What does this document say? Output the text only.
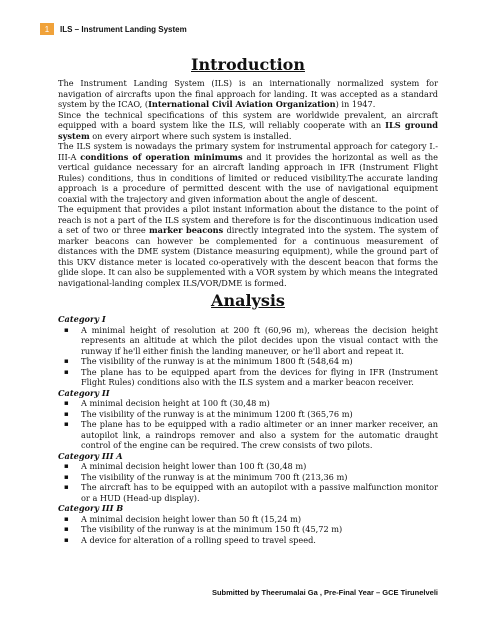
1	ILS – Instrument Landing System
Introduction

The Instrument Landing System (ILS) is an internationally normalized system for navigation of aircrafts upon the final approach for landing. It was accepted as a standard system by the ICAO, (International Civil Aviation Organization) in 1947.

Since the technical specifications of this system are worldwide prevalent, an aircraft equipped with a board system like the ILS, will reliably cooperate with an ILS ground system on every airport where such system is installed.

The ILS system is nowadays the primary system for instrumental approach for category I.-III-A conditions of operation minimums and it provides the horizontal as well as the vertical guidance necessary for an aircraft landing approach in IFR (Instrument Flight Rules) conditions, thus in conditions of limited or reduced visibility.The accurate landing approach is a procedure of permitted descent with the use of navigational equipment coaxial with the trajectory and given information about the angle of descent.

The equipment that provides a pilot instant information about the distance to the point of reach is not a part of the ILS system and therefore is for the discontinuous indication used a set of two or three marker beacons directly integrated into the system. The system of marker beacons can however be complemented for a continuous measurement of distances with the DME system (Distance measuring equipment), while the ground part of this UKV distance meter is located co-operatively with the descent beacon that forms the glide slope. It can also be supplemented with a VOR system by which means the integrated navigational-landing complex ILS/VOR/DME is formed.

Analysis
Category I
▪ A minimal height of resolution at 200 ft (60,96 m), whereas the decision height represents an altitude at which the pilot decides upon the visual contact with the runway if he'll either finish the landing maneuver, or he'll abort and repeat it.
▪ The visibility of the runway is at the minimum 1800 ft (548,64 m)
▪ The plane has to be equipped apart from the devices for flying in IFR (Instrument Flight Rules) conditions also with the ILS system and a marker beacon receiver.
Category II
▪ A minimal decision height at 100 ft (30,48 m)
▪ The visibility of the runway is at the minimum 1200 ft (365,76 m)
▪ The plane has to be equipped with a radio altimeter or an inner marker receiver, an autopilot link, a raindrops remover and also a system for the automatic draught control of the engine can be required. The crew consists of two pilots.
Category III A
▪ A minimal decision height lower than 100 ft (30,48 m)
▪ The visibility of the runway is at the minimum 700 ft (213,36 m)
▪ The aircraft has to be equipped with an autopilot with a passive malfunction monitor or a HUD (Head-up display).
Category III B
▪ A minimal decision height lower than 50 ft (15,24 m)
▪ The visibility of the runway is at the minimum 150 ft (45,72 m)
▪ A device for alteration of a rolling speed to travel speed.
Submitted by Theerumalai Ga , Pre-Final Year – GCE Tirunelveli
